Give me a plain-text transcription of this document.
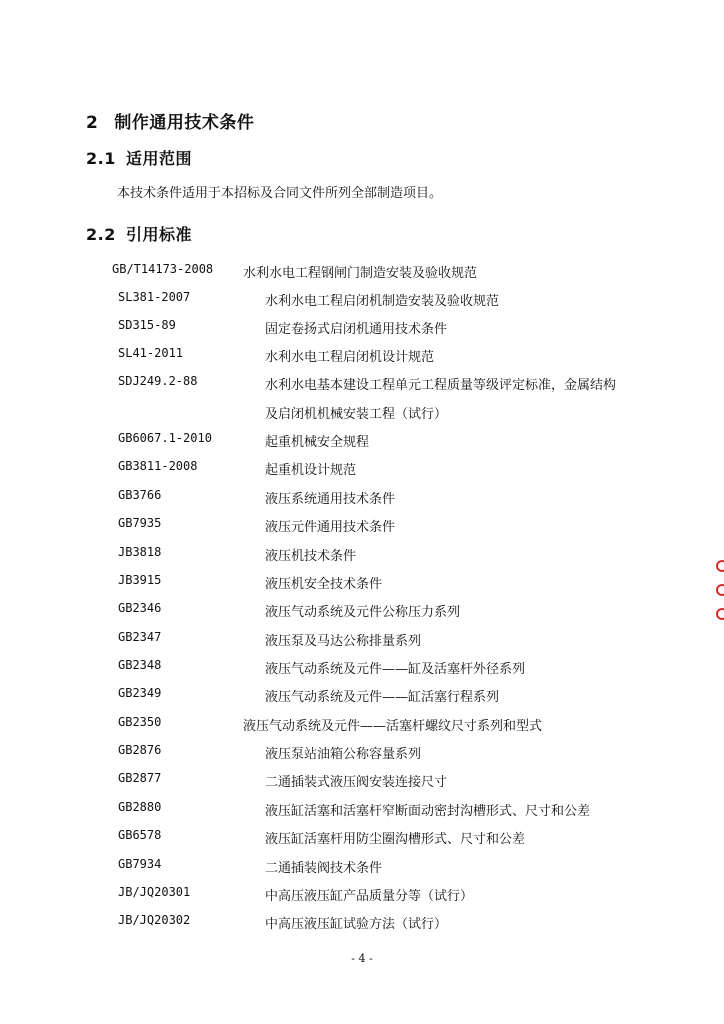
2 制作通用技术条件
2.1 适用范围
本技术条件适用于本招标及合同文件所列全部制造项目。
2.2 引用标准
GB/T14173-2008 水利水电工程钢闸门制造安装及验收规范
SL381-2007	水利水电工程启闭机制造安装及验收规范
SD315-89	固定卷扬式启闭机通用技术条件
SL41-2011	水利水电工程启闭机设计规范
SDJ249.2-88	水利水电基本建设工程单元工程质量等级评定标准，金属结构
及启闭机机械安装工程（试行）
GB6067.1-2010	起重机械安全规程
GB3811-2008	起重机设计规范
GB3766	液压系统通用技术条件
GB7935	液压元件通用技术条件
JB3818	液压机技术条件
JB3915	液压机安全技术条件
GB2346	液压气动系统及元件公称压力系列
GB2347	液压泵及马达公称排量系列
GB2348	液压气动系统及元件——缸及活塞杆外径系列
GB2349	液压气动系统及元件——缸活塞行程系列
GB2350	液压气动系统及元件——活塞杆螺纹尺寸系列和型式
GB2876	液压泵站油箱公称容量系列
GB2877	二通插装式液压阀安装连接尺寸
GB2880	液压缸活塞和活塞杆窄断面动密封沟槽形式、尺寸和公差
GB6578	液压缸活塞杆用防尘圈沟槽形式、尺寸和公差
GB7934	二通插装阀技术条件
JB/JQ20301	中高压液压缸产品质量分等（试行）
JB/JQ20302	中高压液压缸试验方法（试行）
- 4 -
